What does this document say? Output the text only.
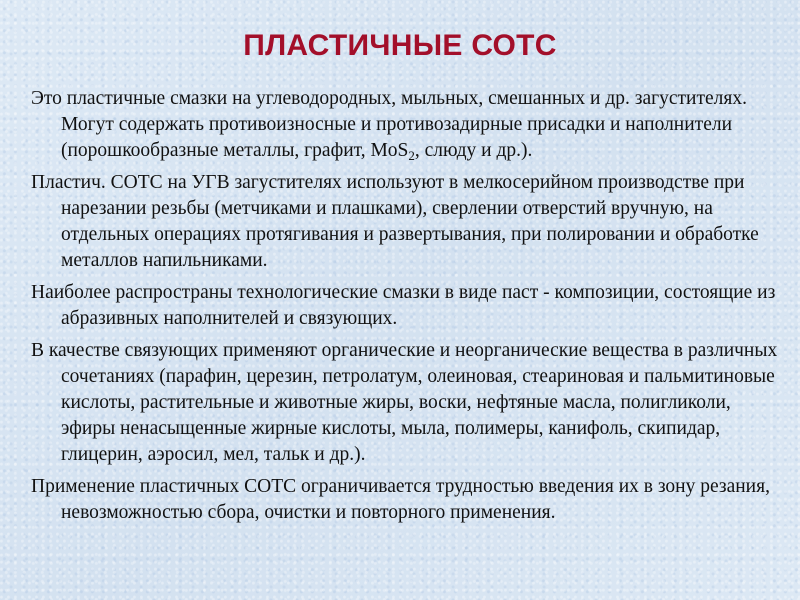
ПЛАСТИЧНЫЕ СОТС

Это пластичные смазки на углеводородных, мыльных, смешанных и др. загустителях. Могут содержать противоизносные и противозадирные присадки и наполнители (порошкообразные металлы, графит, MoS$_2$, слюду и др.).

Пластич. СОТС на УГВ загустителях используют в мелкосерийном производстве при нарезании резьбы (метчиками и плашками), сверлении отверстий вручную, на отдельных операциях протягивания и развертывания, при полировании и обработке металлов напильниками.

Наиболее распространы технологические смазки в виде паст - композиции, состоящие из абразивных наполнителей и связующих.

В качестве связующих применяют органические и неорганические вещества в различных сочетаниях (парафин, церезин, петролатум, олеиновая, стеариновая и пальмитиновые кислоты, растительные и животные жиры, воски, нефтяные масла, полигликоли, эфиры ненасыщенные жирные кислоты, мыла, полимеры, канифоль, скипидар, глицерин, аэросил, мел, тальк и др.).

Применение пластичных СОТС ограничивается трудностью введения их в зону резания, невозможностью сбора, очистки и повторного применения.
